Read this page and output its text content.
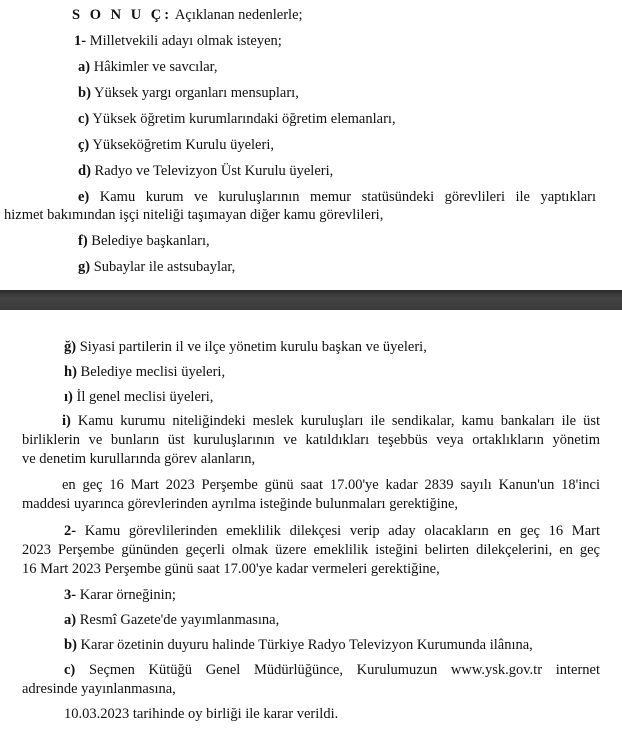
S O N U Ç: Açıklanan nedenlerle;
1- Milletvekili adayı olmak isteyen;
a) Hâkimler ve savcılar,
b) Yüksek yargı organları mensupları,
c) Yüksek öğretim kurumlarındaki öğretim elemanları,
ç) Yükseköğretim Kurulu üyeleri,
d) Radyo ve Televizyon Üst Kurulu üyeleri,
e) Kamu kurum ve kuruluşlarının memur statüsündeki görevlileri ile yaptıkları
hizmet bakımından işçi niteliği taşımayan diğer kamu görevlileri,
f) Belediye başkanları,
g) Subaylar ile astsubaylar,
ğ) Siyasi partilerin il ve ilçe yönetim kurulu başkan ve üyeleri,
h) Belediye meclisi üyeleri,
ı) İl genel meclisi üyeleri,
i) Kamu kurumu niteliğindeki meslek kuruluşları ile sendikalar, kamu bankaları ile üst
birliklerin ve bunların üst kuruluşlarının ve katıldıkları teşebbüs veya ortaklıkların yönetim
ve denetim kurullarında görev alanların,
en geç 16 Mart 2023 Perşembe günü saat 17.00'ye kadar 2839 sayılı Kanun'un 18'inci
maddesi uyarınca görevlerinden ayrılma isteğinde bulunmaları gerektiğine,
2- Kamu görevlilerinden emeklilik dilekçesi verip aday olacakların en geç 16 Mart
2023 Perşembe gününden geçerli olmak üzere emeklilik isteğini belirten dilekçelerini, en geç
16 Mart 2023 Perşembe günü saat 17.00'ye kadar vermeleri gerektiğine,
3- Karar örneğinin;
a) Resmî Gazete'de yayımlanmasına,
b) Karar özetinin duyuru halinde Türkiye Radyo Televizyon Kurumunda ilânına,
c) Seçmen Kütüğü Genel Müdürlüğünce, Kurulumuzun www.ysk.gov.tr internet
adresinde yayınlanmasına,
10.03.2023 tarihinde oy birliği ile karar verildi.
